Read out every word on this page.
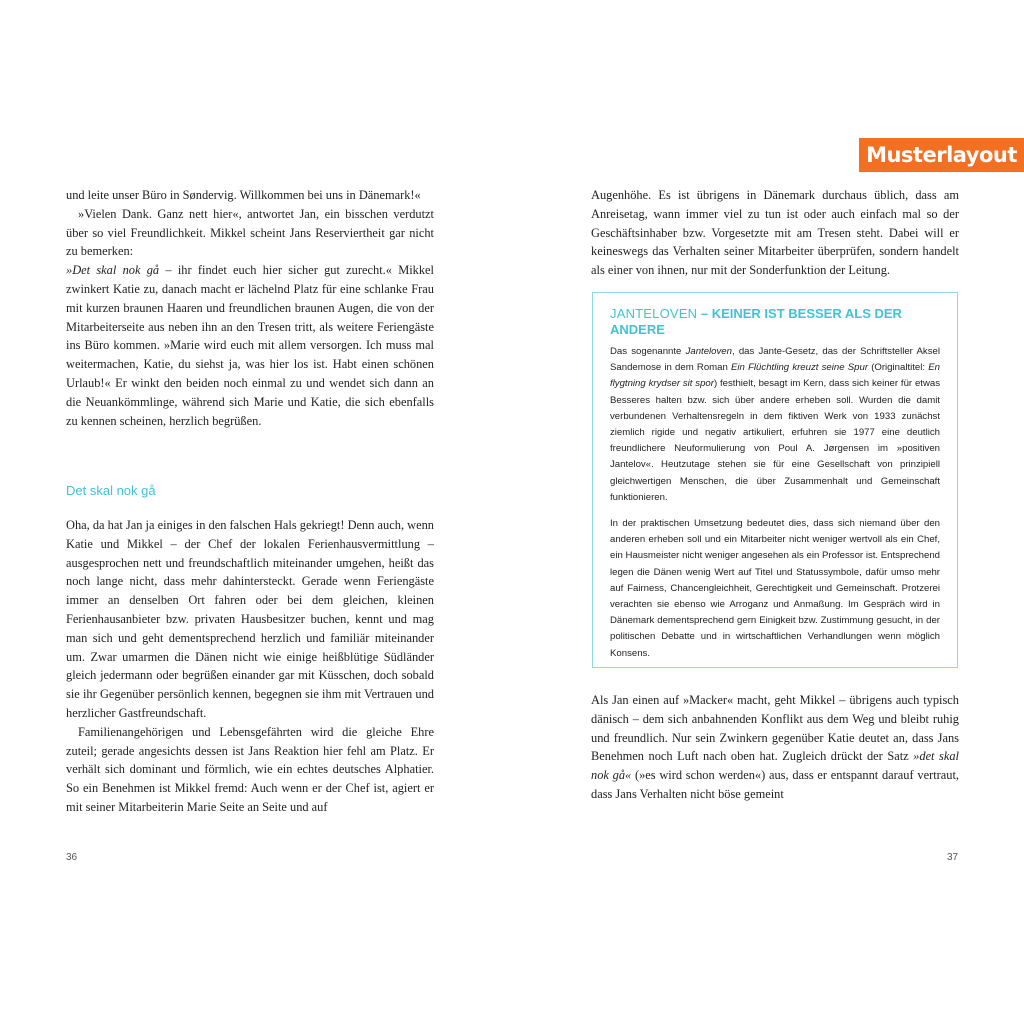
Musterlayout

und leite unser Büro in Søndervig. Willkommen bei uns in Dänemark!«

»Vielen Dank. Ganz nett hier«, antwortet Jan, ein bisschen verdutzt über so viel Freundlichkeit. Mikkel scheint Jans Reserviertheit gar nicht zu bemerken:

»Det skal nok gå – ihr findet euch hier sicher gut zurecht.« Mikkel zwinkert Katie zu, danach macht er lächelnd Platz für eine schlanke Frau mit kurzen braunen Haaren und freundlichen braunen Augen, die von der Mitarbeiterseite aus neben ihn an den Tresen tritt, als weitere Feriengäste ins Büro kommen. »Marie wird euch mit allem versorgen. Ich muss mal weitermachen, Katie, du siehst ja, was hier los ist. Habt einen schönen Urlaub!« Er winkt den beiden noch einmal zu und wendet sich dann an die Neuankömmlinge, während sich Marie und Katie, die sich ebenfalls zu kennen scheinen, herzlich begrüßen.

Det skal nok gå

Oha, da hat Jan ja einiges in den falschen Hals gekriegt! Denn auch, wenn Katie und Mikkel – der Chef der lokalen Ferienhausvermittlung – ausgesprochen nett und freundschaftlich miteinander umgehen, heißt das noch lange nicht, dass mehr dahintersteckt. Gerade wenn Feriengäste immer an denselben Ort fahren oder bei dem gleichen, kleinen Ferienhausanbieter bzw. privaten Hausbesitzer buchen, kennt und mag man sich und geht dementsprechend herzlich und familiär miteinander um. Zwar umarmen die Dänen nicht wie einige heißblütige Südländer gleich jedermann oder begrüßen einander gar mit Küsschen, doch sobald sie ihr Gegenüber persönlich kennen, begegnen sie ihm mit Vertrauen und herzlicher Gastfreundschaft.

Familienangehörigen und Lebensgefährten wird die gleiche Ehre zuteil; gerade angesichts dessen ist Jans Reaktion hier fehl am Platz. Er verhält sich dominant und förmlich, wie ein echtes deutsches Alphatier. So ein Benehmen ist Mikkel fremd: Auch wenn er der Chef ist, agiert er mit seiner Mitarbeiterin Marie Seite an Seite und auf

36

Augenhöhe. Es ist übrigens in Dänemark durchaus üblich, dass am Anreisetag, wann immer viel zu tun ist oder auch einfach mal so der Geschäftsinhaber bzw. Vorgesetzte mit am Tresen steht. Dabei will er keineswegs das Verhalten seiner Mitarbeiter überprüfen, sondern handelt als einer von ihnen, nur mit der Sonderfunktion der Leitung.

JANTELOVEN – KEINER IST BESSER ALS DER ANDERE

Das sogenannte Janteloven, das Jante-Gesetz, das der Schriftsteller Aksel Sandemose in dem Roman Ein Flüchtling kreuzt seine Spur (Originaltitel: En flygtning krydser sit spor) festhielt, besagt im Kern, dass sich keiner für etwas Besseres halten bzw. sich über andere erheben soll. Wurden die damit verbundenen Verhaltensregeln in dem fiktiven Werk von 1933 zunächst ziemlich rigide und negativ artikuliert, erfuhren sie 1977 eine deutlich freundlichere Neuformulierung von Poul A. Jørgensen im »positiven Jantelov«. Heutzutage stehen sie für eine Gesellschaft von prinzipiell gleichwertigen Menschen, die über Zusammenhalt und Gemeinschaft funktionieren.

In der praktischen Umsetzung bedeutet dies, dass sich niemand über den anderen erheben soll und ein Mitarbeiter nicht weniger wertvoll als ein Chef, ein Hausmeister nicht weniger angesehen als ein Professor ist. Entsprechend legen die Dänen wenig Wert auf Titel und Statussymbole, dafür umso mehr auf Fairness, Chancengleichheit, Gerechtigkeit und Gemeinschaft. Protzerei verachten sie ebenso wie Arroganz und Anmaßung. Im Gespräch wird in Dänemark dementsprechend gern Einigkeit bzw. Zustimmung gesucht, in der politischen Debatte und in wirtschaftlichen Verhandlungen wenn möglich Konsens.

Als Jan einen auf »Macker« macht, geht Mikkel – übrigens auch typisch dänisch – dem sich anbahnenden Konflikt aus dem Weg und bleibt ruhig und freundlich. Nur sein Zwinkern gegenüber Katie deutet an, dass Jans Benehmen noch Luft nach oben hat. Zugleich drückt der Satz »det skal nok gå« (»es wird schon werden«) aus, dass er entspannt darauf vertraut, dass Jans Verhalten nicht böse gemeint

37
